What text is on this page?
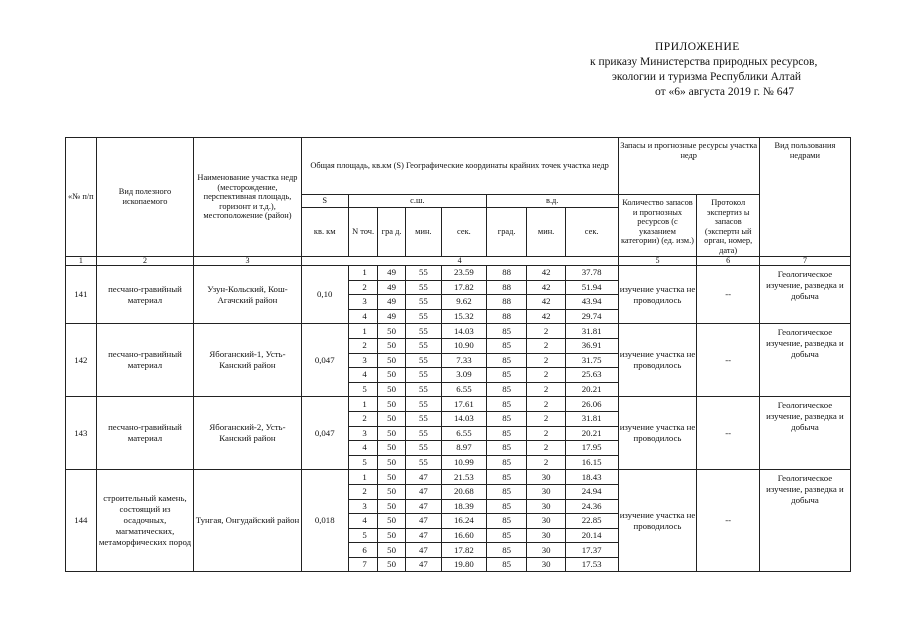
ПРИЛОЖЕНИЕ
к приказу Министерства природных ресурсов,
экологии и туризма Республики Алтай
от «6» августа 2019 г. № 647
«№ п/п	Вид полезного ископаемого	Наименование участка недр (месторождение, перспективная площадь, горизонт и т.д.), местоположение (район)	Общая площадь, кв.км (S) Географические координаты крайних точек участка недр								Запасы и прогнозные ресурсы участка недр		Вид пользования недрами
			S	с.ш.				в.д.			Количество запасов и прогнозных ресурсов (с указанием категории) (ед. изм.)	Протокол экспертиз ы запасов (экспертн ый орган, номер, дата)	
			кв. км	N точ.	гра д.	мин.	сек.	град.	мин.	сек.			
1	2	3	4								5	6	7
141	песчано-гравийный материал	Узун-Кольский, Кош-Агачский район	0,10	1	49	55	23.59	88	42	37.78	изучение участка не проводилось	--	Геологическое изучение, разведка и добыча
				2	49	55	17.82	88	42	51.94			
				3	49	55	9.62	88	42	43.94			
				4	49	55	15.32	88	42	29.74			
142	песчано-гравийный материал	Ябоганский-1, Усть-Канский район	0,047	1	50	55	14.03	85	2	31.81	изучение участка не проводилось	--	Геологическое изучение, разведка и добыча
				2	50	55	10.90	85	2	36.91			
				3	50	55	7.33	85	2	31.75			
				4	50	55	3.09	85	2	25.63			
				5	50	55	6.55	85	2	20.21			
143	песчано-гравийный материал	Ябоганский-2, Усть-Канский район	0,047	1	50	55	17.61	85	2	26.06	изучение участка не проводилось	--	Геологическое изучение, разведка и добыча
				2	50	55	14.03	85	2	31.81			
				3	50	55	6.55	85	2	20.21			
				4	50	55	8.97	85	2	17.95			
				5	50	55	10.99	85	2	16.15			
144	строительный камень, состоящий из осадочных, магматических, метаморфических пород	Тунгая, Онгудайский район	0,018	1	50	47	21.53	85	30	18.43	изучение участка не проводилось	--	Геологическое изучение, разведка и добыча
				2	50	47	20.68	85	30	24.94			
				3	50	47	18.39	85	30	24.36			
				4	50	47	16.24	85	30	22.85			
				5	50	47	16.60	85	30	20.14			
				6	50	47	17.82	85	30	17.37			
				7	50	47	19.80	85	30	17.53			
